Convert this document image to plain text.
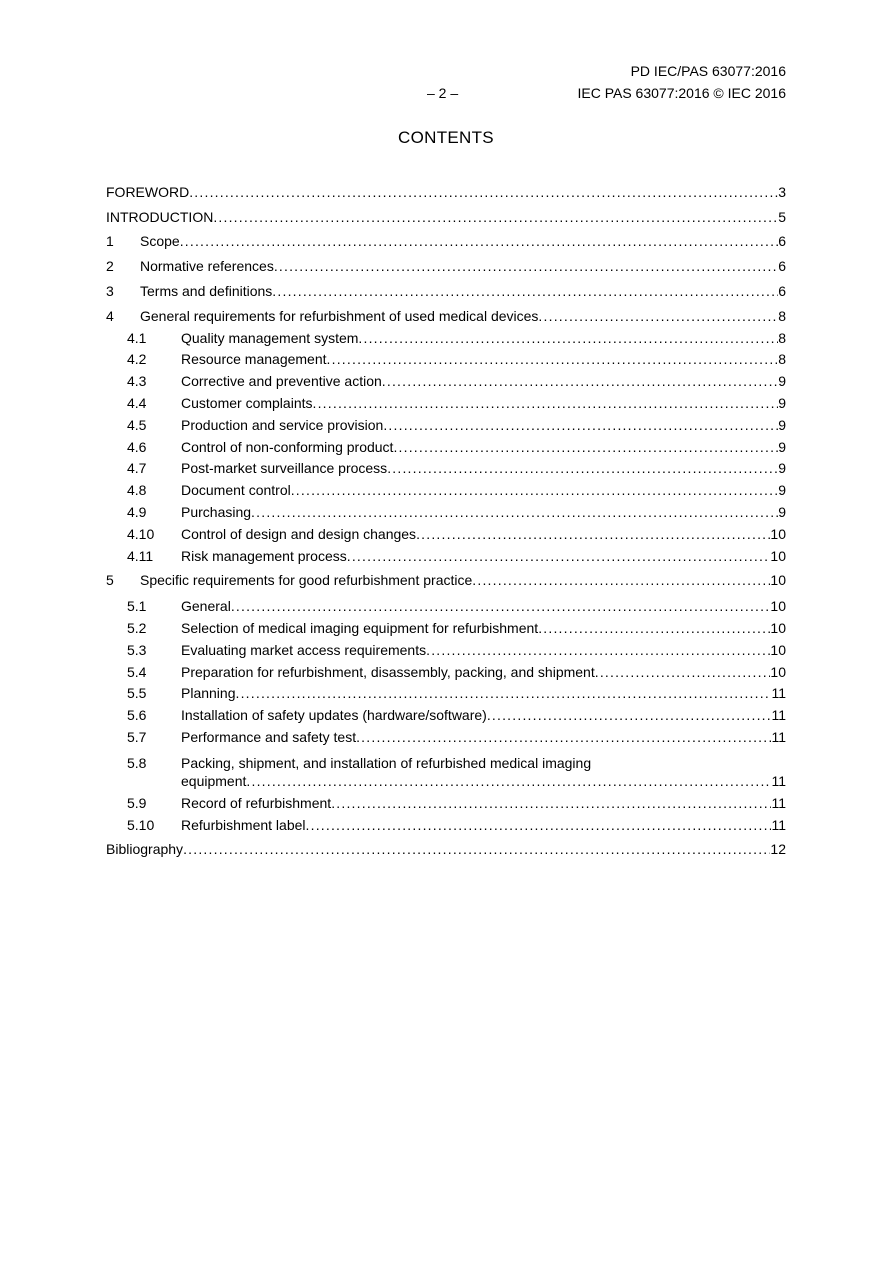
PD IEC/PAS 63077:2016
– 2 –	IEC PAS 63077:2016 © IEC 2016
CONTENTS
FOREWORD .....	3
INTRODUCTION .....	5
1	Scope .....	6
2	Normative references .....	6
3	Terms and definitions .....	6
4	General requirements for refurbishment of used medical devices .....	8
4.1	Quality management system .....	8
4.2	Resource management .....	8
4.3	Corrective and preventive action .....	9
4.4	Customer complaints .....	9
4.5	Production and service provision .....	9
4.6	Control of non-conforming product .....	9
4.7	Post-market surveillance process .....	9
4.8	Document control .....	9
4.9	Purchasing .....	9
4.10	Control of design and design changes .....	10
4.11	Risk management process .....	10
5	Specific requirements for good refurbishment practice .....	10
5.1	General .....	10
5.2	Selection of medical imaging equipment for refurbishment .....	10
5.3	Evaluating market access requirements .....	10
5.4	Preparation for refurbishment, disassembly, packing, and shipment .....	10
5.5	Planning .....	11
5.6	Installation of safety updates (hardware/software) .....	11
5.7	Performance and safety test .....	11
5.8	Packing, shipment, and installation of refurbished medical imaging
equipment .....	11
5.9	Record of refurbishment .....	11
5.10	Refurbishment label .....	11
Bibliography .....	12
